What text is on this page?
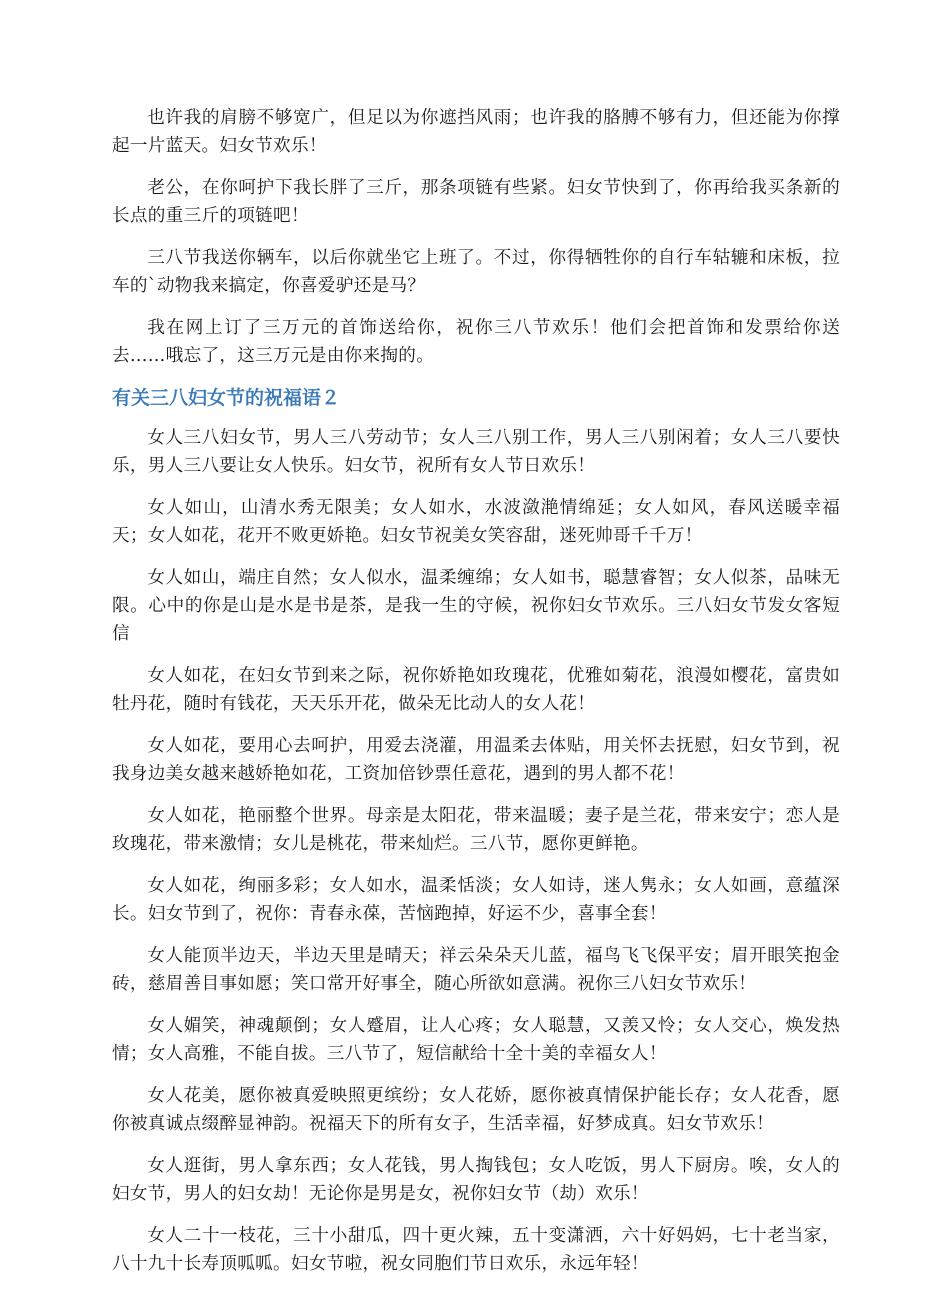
也许我的肩膀不够宽广，但足以为你遮挡风雨；也许我的胳膊不够有力，但还能为你撑起一片蓝天。妇女节欢乐！

老公，在你呵护下我长胖了三斤，那条项链有些紧。妇女节快到了，你再给我买条新的长点的重三斤的项链吧！

三八节我送你辆车，以后你就坐它上班了。不过，你得牺牲你的自行车轱辘和床板，拉车的`动物我来搞定，你喜爱驴还是马？

我在网上订了三万元的首饰送给你，祝你三八节欢乐！他们会把首饰和发票给你送去……哦忘了，这三万元是由你来掏的。

有关三八妇女节的祝福语２

女人三八妇女节，男人三八劳动节；女人三八别工作，男人三八别闲着；女人三八要快乐，男人三八要让女人快乐。妇女节，祝所有女人节日欢乐！

女人如山，山清水秀无限美；女人如水，水波潋滟情绵延；女人如风，春风送暖幸福天；女人如花，花开不败更娇艳。妇女节祝美女笑容甜，迷死帅哥千千万！

女人如山，端庄自然；女人似水，温柔缠绵；女人如书，聪慧睿智；女人似茶，品味无限。心中的你是山是水是书是茶，是我一生的守候，祝你妇女节欢乐。三八妇女节发女客短信

女人如花，在妇女节到来之际，祝你娇艳如玫瑰花，优雅如菊花，浪漫如樱花，富贵如牡丹花，随时有钱花，天天乐开花，做朵无比动人的女人花！

女人如花，要用心去呵护，用爱去浇灌，用温柔去体贴，用关怀去抚慰，妇女节到，祝我身边美女越来越娇艳如花，工资加倍钞票任意花，遇到的男人都不花！

女人如花，艳丽整个世界。母亲是太阳花，带来温暖；妻子是兰花，带来安宁；恋人是玫瑰花，带来激情；女儿是桃花，带来灿烂。三八节，愿你更鲜艳。

女人如花，绚丽多彩；女人如水，温柔恬淡；女人如诗，迷人隽永；女人如画，意蕴深长。妇女节到了，祝你：青春永葆，苦恼跑掉，好运不少，喜事全套！

女人能顶半边天，半边天里是晴天；祥云朵朵天儿蓝，福鸟飞飞保平安；眉开眼笑抱金砖，慈眉善目事如愿；笑口常开好事全，随心所欲如意满。祝你三八妇女节欢乐！

女人媚笑，神魂颠倒；女人蹙眉，让人心疼；女人聪慧，又羡又怜；女人交心，焕发热情；女人高雅，不能自拔。三八节了，短信献给十全十美的幸福女人！

女人花美，愿你被真爱映照更缤纷；女人花娇，愿你被真情保护能长存；女人花香，愿你被真诚点缀醉显神韵。祝福天下的所有女子，生活幸福，好梦成真。妇女节欢乐！

女人逛街，男人拿东西；女人花钱，男人掏钱包；女人吃饭，男人下厨房。唉，女人的妇女节，男人的妇女劫！无论你是男是女，祝你妇女节（劫）欢乐！

女人二十一枝花，三十小甜瓜，四十更火辣，五十变潇洒，六十好妈妈，七十老当家，八十九十长寿顶呱呱。妇女节啦，祝女同胞们节日欢乐，永远年轻！
